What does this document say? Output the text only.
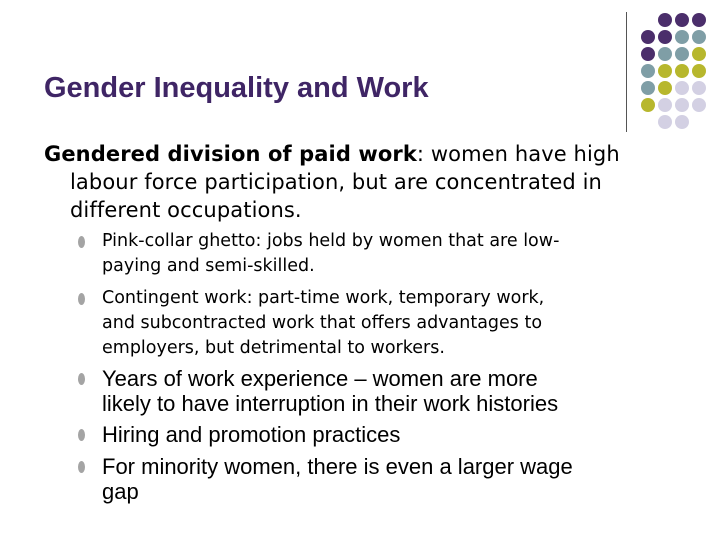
Gender Inequality and Work
Gendered division of paid work: women have high
labour force participation, but are concentrated in
different occupations.
Pink-collar ghetto: jobs held by women that are low-
paying and semi-skilled.
Contingent work: part-time work, temporary work,
and subcontracted work that offers advantages to
employers, but detrimental to workers.
Years of work experience – women are more
likely to have interruption in their work histories
Hiring and promotion practices
For minority women, there is even a larger wage
gap
